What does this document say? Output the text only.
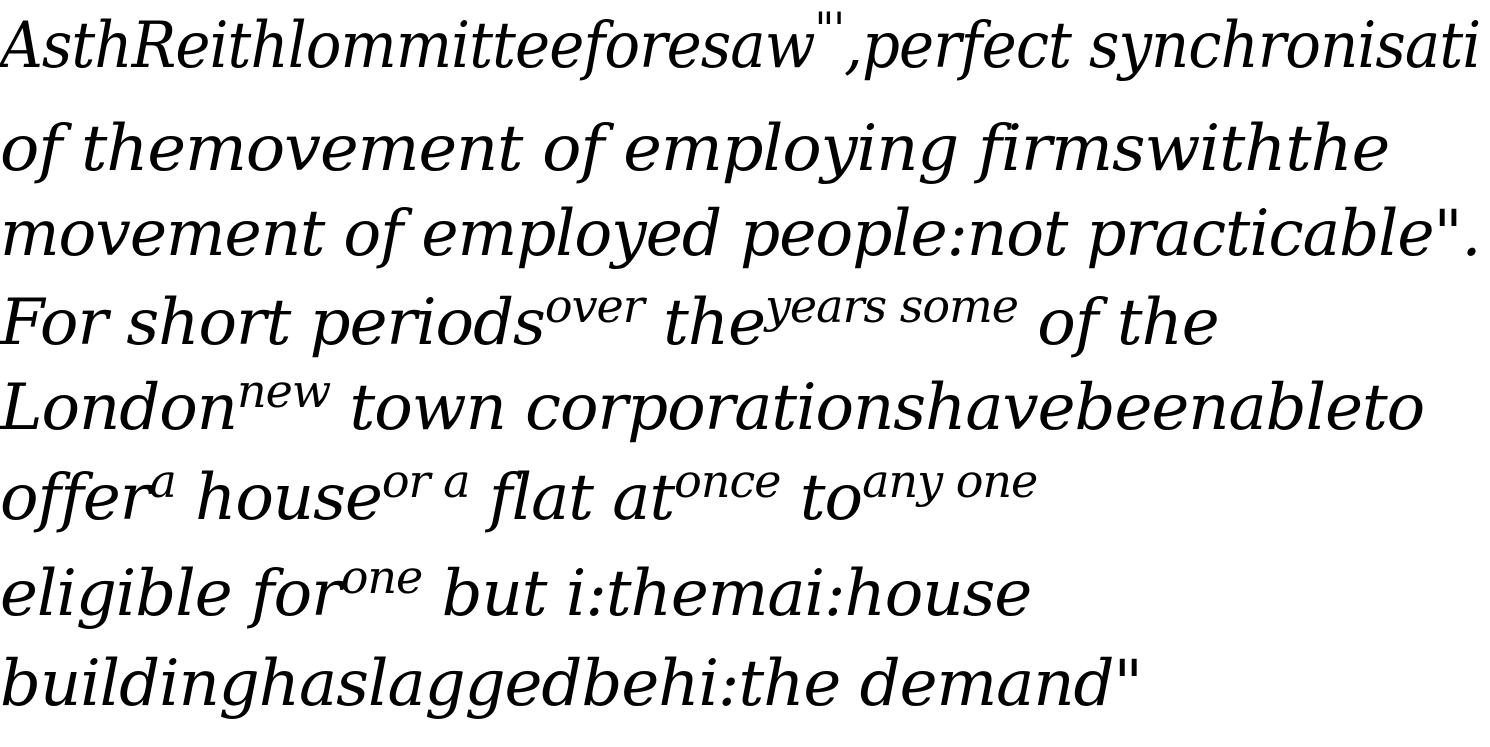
AsthReithlommitteeforesaw"',perfect synchronisati
of themovement of employing firmswiththe
movement of employed people:not practicable".
For short periods$^{over}$ the$^{years some}$ of the
London$^{new}$ town corporationshavebeenableto
offer$^a$ house$^{or a}$ flat $at^{once}$ $to^{any one}$
eligible for$^{one}$ but i:themai:house
buildinghaslaggedbehi:the demand"
